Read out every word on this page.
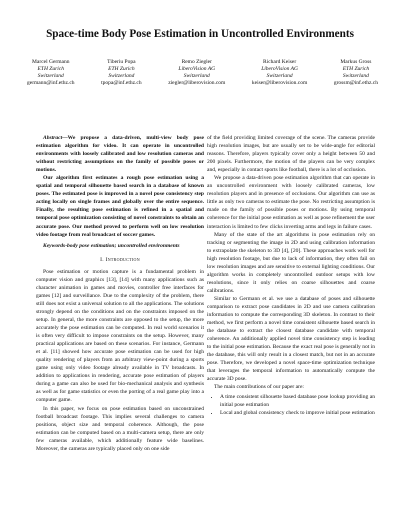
Space-time Body Pose Estimation in Uncontrolled Environments
Marcel Germann
ETH Zurich
Switzerland
germann@inf.ethz.ch
Tiberiu Popa
ETH Zurich
Switzerland
tpopa@inf.ethz.ch
Remo Ziegler
LiberoVision AG
Switzerland
ziegler@liberovision.com
Richard Keiser
LiberoVision AG
Switzerland
keiser@liberovision.com
Markus Gross
ETH Zurich
Switzerland
grossm@inf.ethz.ch

Abstract—We propose a data-driven, multi-view body pose estimation algorithm for video. It can operate in uncontrolled environments with loosely calibrated and low resolution cameras and without restricting assumptions on the family of possible poses or motions.

Our algorithm first estimates a rough pose estimation using a spatial and temporal silhouette based search in a database of known poses. The estimated pose is improved in a novel pose consistency step acting locally on single frames and globally over the entire sequence. Finally, the resulting pose estimation is refined in a spatial and temporal pose optimization consisting of novel constraints to obtain an accurate pose. Our method proved to perform well on low resolution video footage from real broadcast of soccer games.

Keywords-body pose estimation; uncontrolled environments

I. Introduction

Pose estimation or motion capture is a fundamental problem in computer vision and graphics [13], [14] with many applications such as character animation in games and movies, controller free interfaces for games [12] and surveillance. Due to the complexity of the problem, there still does not exist a universal solution to all the applications. The solutions strongly depend on the conditions and on the constraints imposed on the setup. In general, the more constraints are opposed to the setup, the more accurately the pose estimation can be computed. In real world scenarios it is often very difficult to impose constraints on the setup. However, many practical applications are based on these scenarios. For instance, Germann et al. [11] showed how accurate pose estimation can be used for high quality rendering of players from an arbitrary view-point during a sports game using only video footage already available in TV broadcasts. In addition to applications in rendering, accurate pose estimation of players during a game can also be used for bio-mechanical analysis and synthesis as well as for game statistics or even the porting of a real game play into a computer game.

In this paper, we focus on pose estimation based on unconstrained football broadcast footage. This implies several challenges to camera positions, object size and temporal coherence. Although, the pose estimation can be computed based on a multi-camera setup, there are only few cameras available, which additionally feature wide baselines. Moreover, the cameras are typically placed only on one side

of the field providing limited coverage of the scene. The cameras provide high resolution images, but are usually set to be wide-angle for editorial reasons. Therefore, players typically cover only a height between 50 and 200 pixels. Furthermore, the motion of the players can be very complex and, especially in contact sports like football, there is a lot of occlusion.

We propose a data-driven pose estimation algorithm that can operate in an uncontrolled environment with loosely calibrated cameras, low resolution players and in presence of occlusions. Our algorithm can use as little as only two cameras to estimate the pose. No restricting assumption is made on the family of possible poses or motions. By using temporal coherence for the initial pose estimation as well as pose refinement the user interaction is limited to few clicks inverting arms and legs in failure cases.

Many of the state of the art algorithms in pose estimation rely on tracking or segmenting the image in 2D and using calibration information to extrapolate the skeleton to 3D [4], [20]. These approaches work well for high resolution footage, but due to lack of information, they often fail on low resolution images and are sensitive to external lighting conditions. Our algorithm works in completely uncontrolled outdoor setups with low resolutions, since it only relies on coarse silhouettes and coarse calibrations.

Similar to Germann et al. we use a database of poses and silhouette comparison to extract pose candidates in 2D and use camera calibration information to compute the corresponding 3D skeleton. In contrast to their method, we first perform a novel time consistent silhouette based search in the database to extract the closest database candidate with temporal coherence. An additionally applied novel time consistency step is leading to the initial pose estimation. Because the exact real pose is generally not in the database, this will only result in a closest match, but not in an accurate pose. Therefore, we developed a novel space-time optimization technique that leverages the temporal information to automatically compute the accurate 3D pose.

The main contributions of our paper are:

• A time consistent silhouette based database pose lookup providing an initial pose estimation
• Local and global consistency check to improve initial pose estimation
